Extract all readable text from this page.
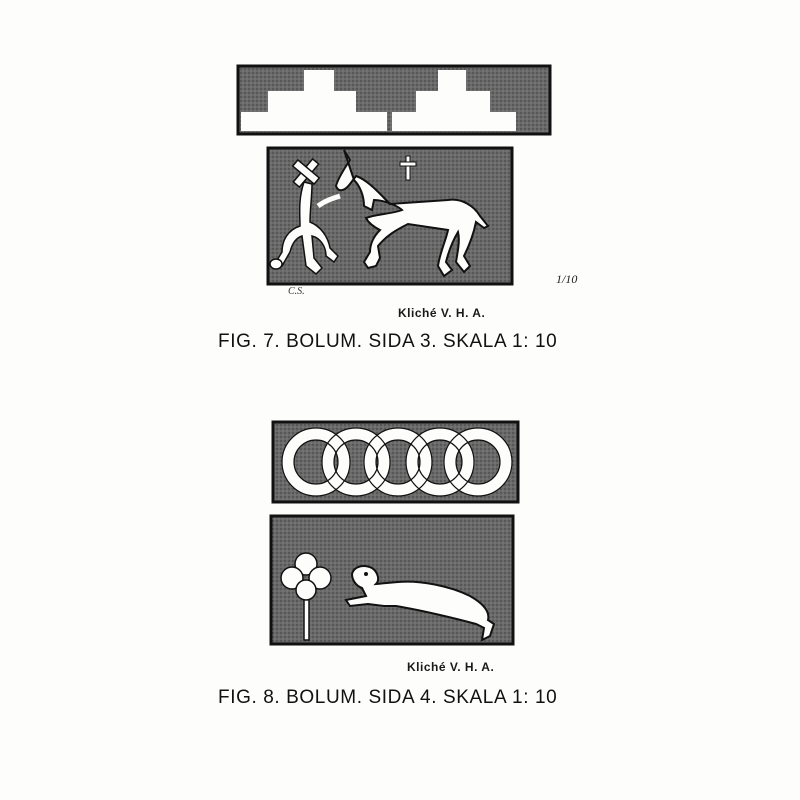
C.S.
1/10
Kliché V. H. A.
FIG. 7. BOLUM. SIDA 3. SKALA 1: 10
Kliché V. H. A.
FIG. 8. BOLUM. SIDA 4. SKALA 1: 10
